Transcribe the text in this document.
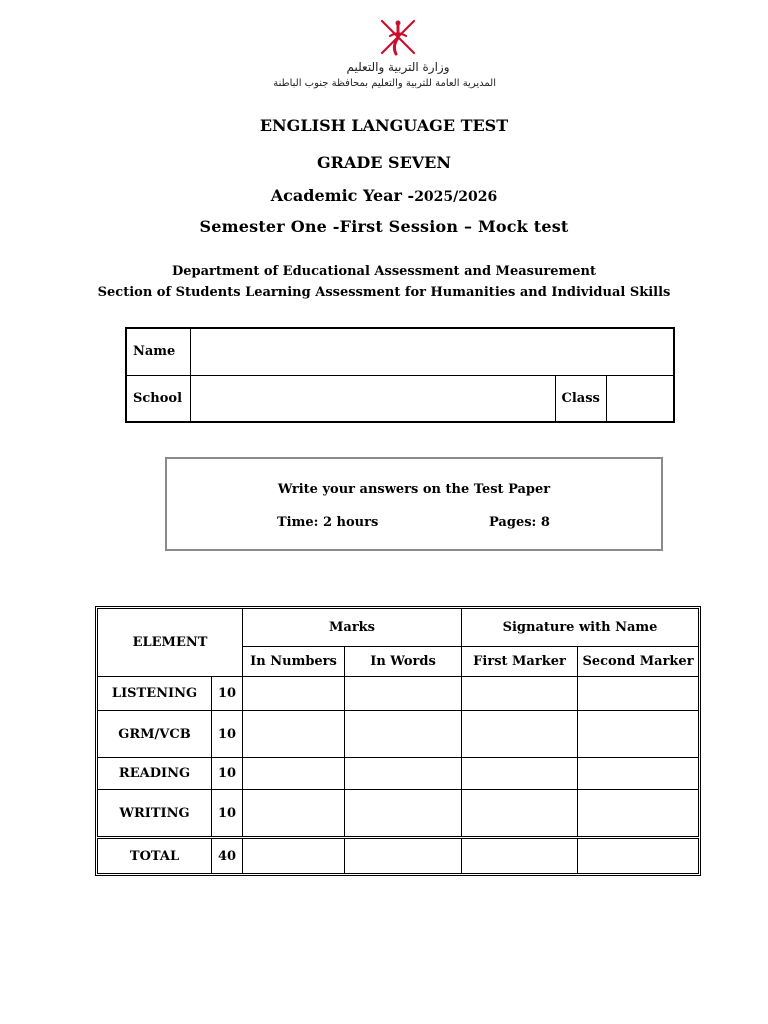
وزارة التربية والتعليم
المديرية العامة للتربية والتعليم بمحافظة جنوب الباطنة
ENGLISH LANGUAGE TEST
GRADE SEVEN
Academic Year -2025/2026
Semester One -First Session – Mock test
Department of Educational Assessment and Measurement
Section of Students Learning Assessment for Humanities and Individual Skills
Name			
School		Class	
Write your answers on the Test Paper
Time: 2 hours	Pages: 8
ELEMENT		Marks		Signature with Name	
		In Numbers	In Words	First Marker	Second Marker
LISTENING	10				
GRM/VCB	10				
READING	10				
WRITING	10				
TOTAL	40				
